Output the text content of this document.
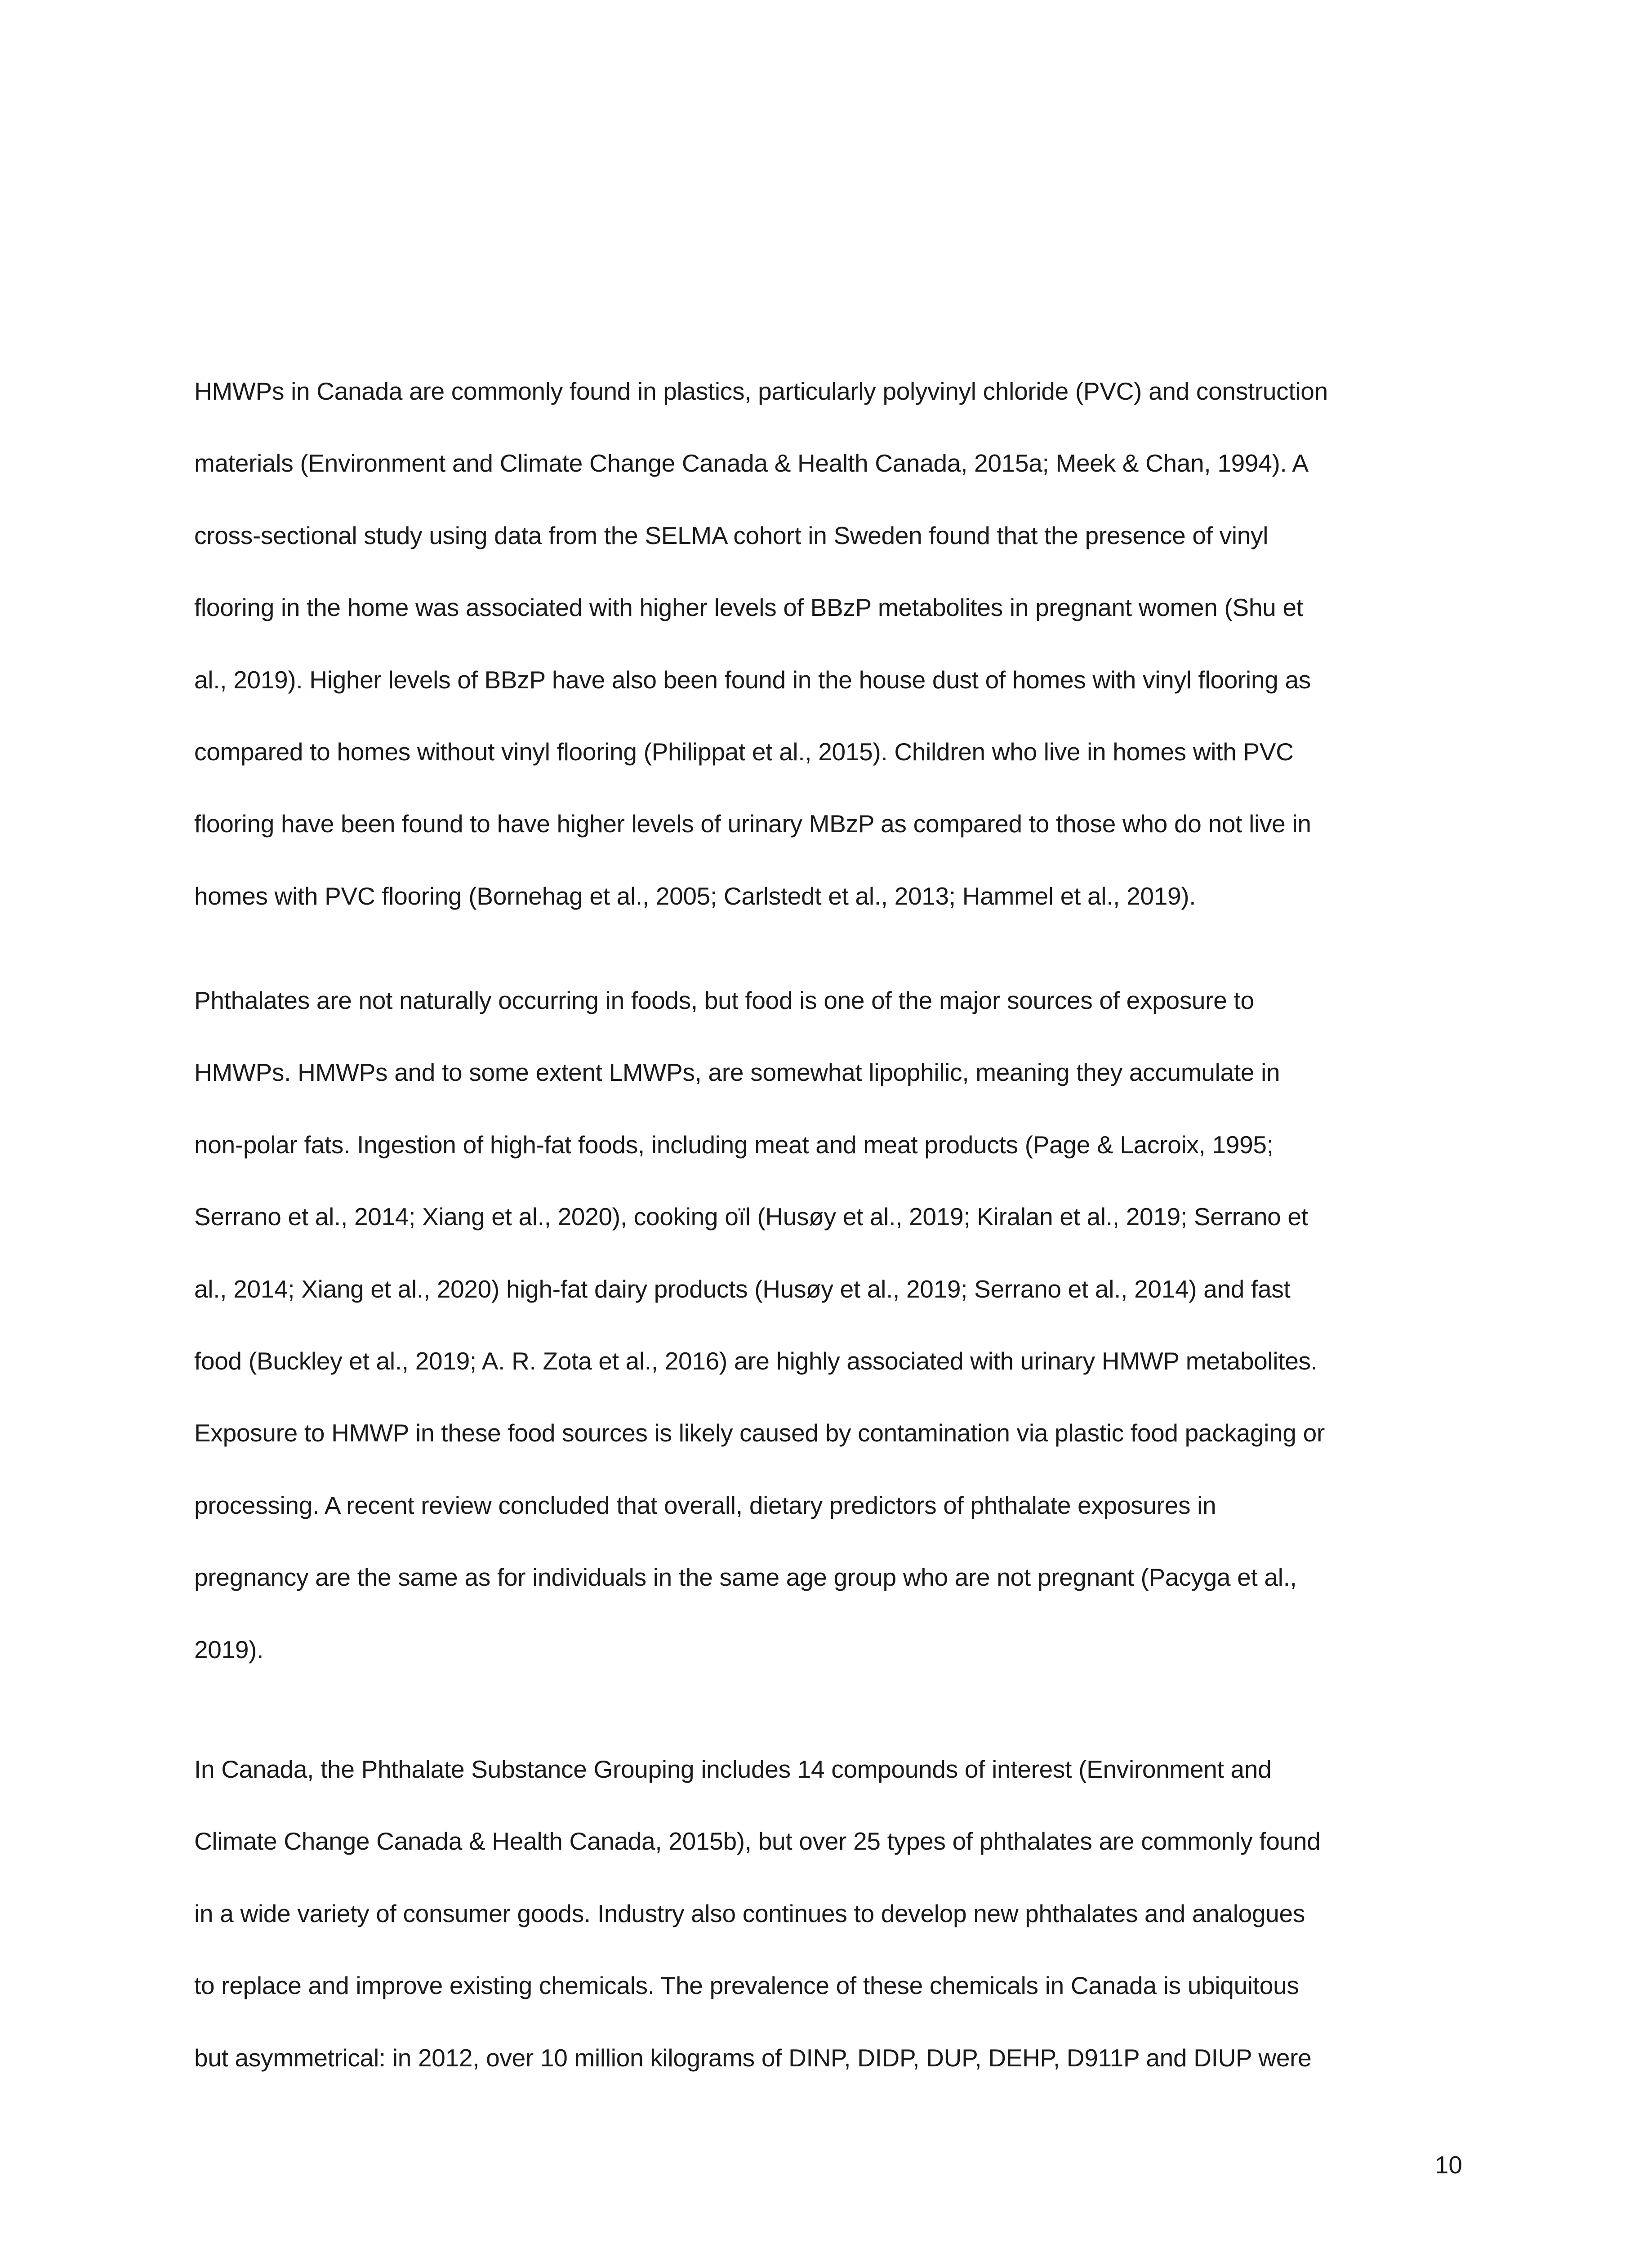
HMWPs in Canada are commonly found in plastics, particularly polyvinyl chloride (PVC) and construction
materials (Environment and Climate Change Canada & Health Canada, 2015a; Meek & Chan, 1994). A
cross-sectional study using data from the SELMA cohort in Sweden found that the presence of vinyl
flooring in the home was associated with higher levels of BBzP metabolites in pregnant women (Shu et
al., 2019). Higher levels of BBzP have also been found in the house dust of homes with vinyl flooring as
compared to homes without vinyl flooring (Philippat et al., 2015). Children who live in homes with PVC
flooring have been found to have higher levels of urinary MBzP as compared to those who do not live in
homes with PVC flooring (Bornehag et al., 2005; Carlstedt et al., 2013; Hammel et al., 2019).
Phthalates are not naturally occurring in foods, but food is one of the major sources of exposure to
HMWPs. HMWPs and to some extent LMWPs, are somewhat lipophilic, meaning they accumulate in
non-polar fats. Ingestion of high-fat foods, including meat and meat products (Page & Lacroix, 1995;
Serrano et al., 2014; Xiang et al., 2020), cooking oïl (Husøy et al., 2019; Kiralan et al., 2019; Serrano et
al., 2014; Xiang et al., 2020) high-fat dairy products (Husøy et al., 2019; Serrano et al., 2014) and fast
food (Buckley et al., 2019; A. R. Zota et al., 2016) are highly associated with urinary HMWP metabolites.
Exposure to HMWP in these food sources is likely caused by contamination via plastic food packaging or
processing. A recent review concluded that overall, dietary predictors of phthalate exposures in
pregnancy are the same as for individuals in the same age group who are not pregnant (Pacyga et al.,
2019).
In Canada, the Phthalate Substance Grouping includes 14 compounds of interest (Environment and
Climate Change Canada & Health Canada, 2015b), but over 25 types of phthalates are commonly found
in a wide variety of consumer goods. Industry also continues to develop new phthalates and analogues
to replace and improve existing chemicals. The prevalence of these chemicals in Canada is ubiquitous
but asymmetrical: in 2012, over 10 million kilograms of DINP, DIDP, DUP, DEHP, D911P and DIUP were
10
